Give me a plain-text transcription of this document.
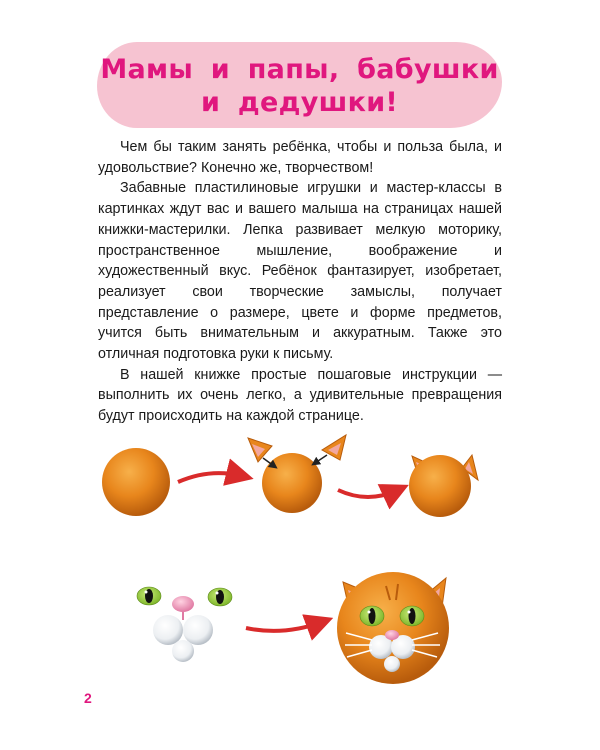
Мамы и папы, бабушки
и дедушки!

Чем бы таким занять ребёнка, чтобы и польза была, и удовольствие? Конечно же, творчеством!

Забавные пластилиновые игрушки и мастер-классы в картинках ждут вас и вашего малыша на страницах нашей книжки-мастерилки. Лепка развивает мелкую моторику, пространственное мышление, воображение и художественный вкус. Ребёнок фантазирует, изобретает, реализует свои творческие замыслы, получает представление о размере, цвете и форме предметов, учится быть внимательным и аккуратным. Также это отличная подготовка руки к письму.

В нашей книжке простые пошаговые инструкции — выполнить их очень легко, а удивительные превращения будут происходить на каждой странице.

2
